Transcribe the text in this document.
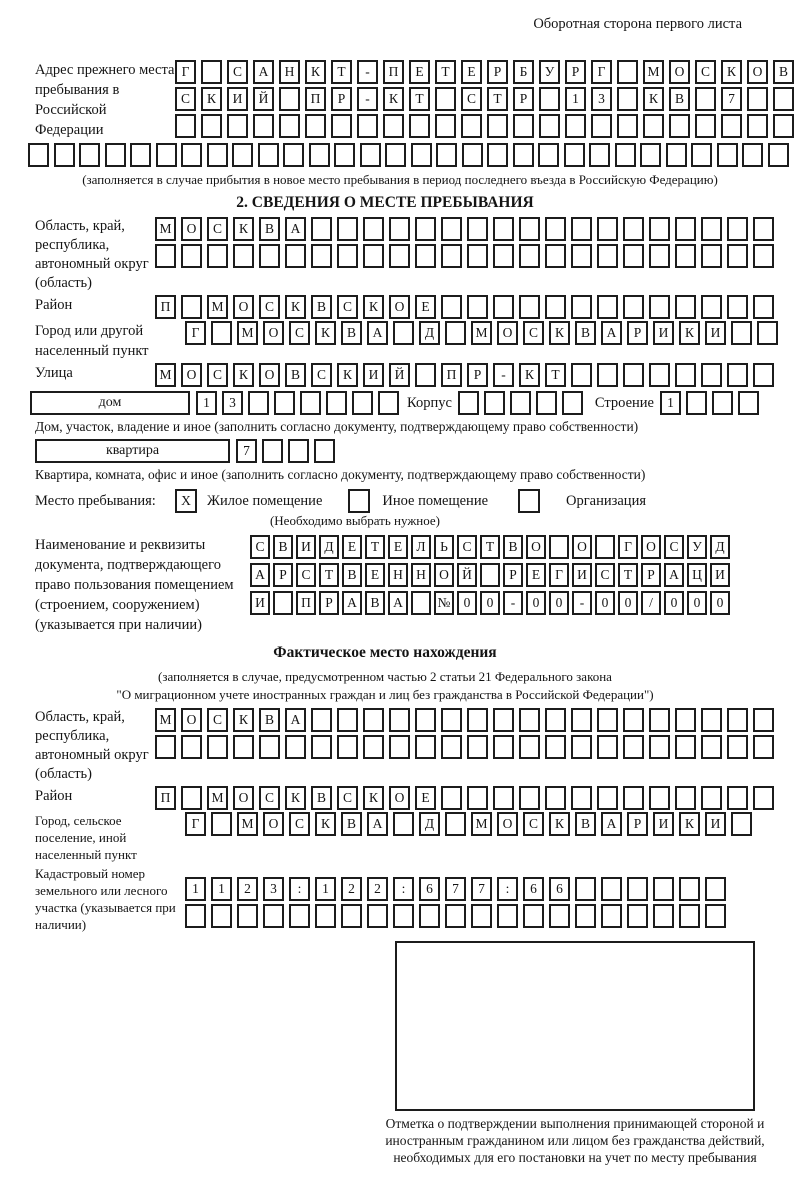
Оборотная сторона первого листа
Адрес прежнего места пребывания в Российской Федерации
Г	С	А	Н	К	Т	-	П	Е	Т	Е	Р	Б	У	Р	Г	М	О	С	К	О	В
С	К	И	Й	П	Р	-	К	Т	С	Т	Р	1	3	К	В	7
(заполняется в случае прибытия в новое место пребывания в период последнего въезда в Российскую Федерацию)
2. СВЕДЕНИЯ О МЕСТЕ ПРЕБЫВАНИЯ
Область, край, республика, автономный округ (область)
М	О	С	К	В	А
Район	П	М	О	С	К	В	С	К	О	Е
Город или другой населенный пункт
Г	М	О	С	К	В	А	Д	М	О	С	К	В	А	Р	И	К	И
Улица	М	О	С	К	О	В	С	К	И	Й	П	Р	-	К	Т
дом	1	3	Корпус	Строение 1
Дом, участок, владение и иное (заполнить согласно документу, подтверждающему право собственности)
квартира	7
Квартира, комната, офис и иное (заполнить согласно документу, подтверждающему право собственности)
Место пребывания:	X	Жилое помещение	Иное помещение	Организация
(Необходимо выбрать нужное)
Наименование и реквизиты документа, подтверждающего право пользования помещением (строением, сооружением) (указывается при наличии)
С	В	И	Д	Е	Т	Е	Л	Ь	С	Т	В	О	О	Г	О	С	У	Д
А	Р	С	Т	В	Е	Н Н О Й	Р	Е	Г	И	С	Т	Р	А Ц И
И	П	Р	А	В	А	№ 0	0	-	0	0	-	0	0	/	0	0	0
Фактическое место нахождения
(заполняется в случае, предусмотренном частью 2 статьи 21 Федерального закона
"О миграционном учете иностранных граждан и лиц без гражданства в Российской Федерации")
Область, край, республика, автономный округ (область)
М	О	С	К	В	А
Район	П	М	О	С	К	В	С	К	О	Е
Город, сельское поселение, иной населенный пункт
Г	М	О	С	К	В	А	Д	М	О	С	К	В	А	Р	И	К	И
Кадастровый номер земельного или лесного участка (указывается при наличии)
1	1	2	3	:	1	2	2	:	6	7	7	:	6	6
Отметка о подтверждении выполнения принимающей стороной и иностранным гражданином или лицом без гражданства действий, необходимых для его постановки на учет по месту пребывания
